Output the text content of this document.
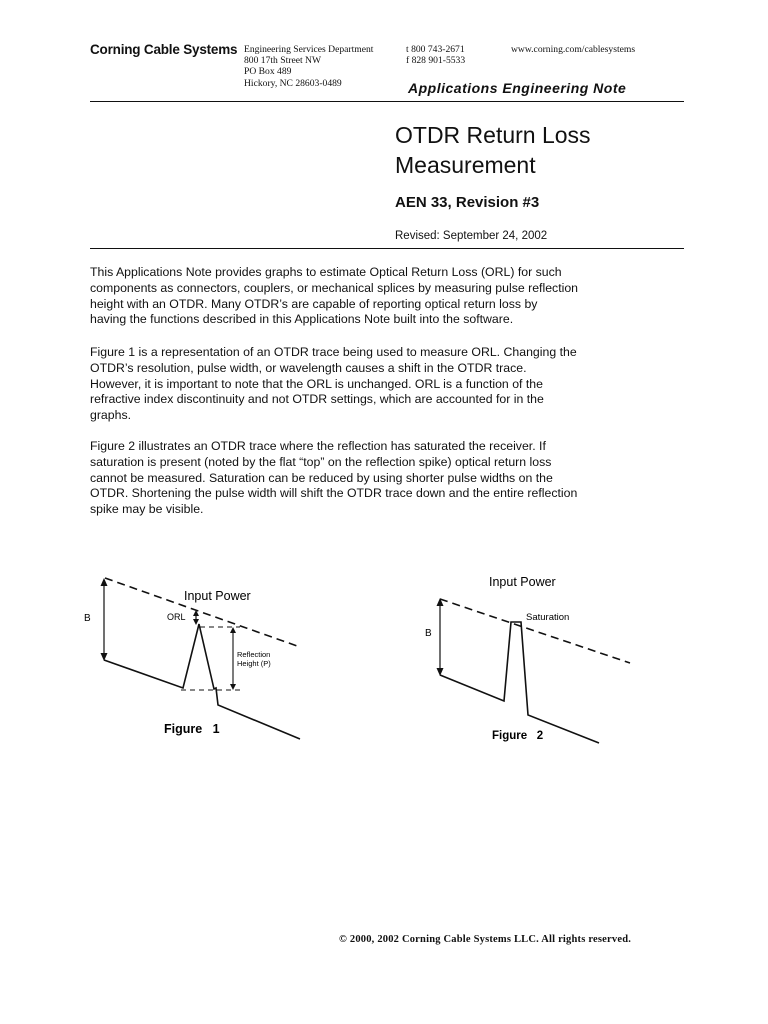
Corning Cable Systems Engineering Services Department
800 17th Street NW
PO Box 489
Hickory, NC 28603-0489
t 800 743-2671
f 828 901-5533
www.corning.com/cablesystems
Applications Engineering Note
OTDR Return Loss
Measurement
AEN 33, Revision #3
Revised: September 24, 2002
This Applications Note provides graphs to estimate Optical Return Loss (ORL) for such
components as connectors, couplers, or mechanical splices by measuring pulse reflection
height with an OTDR. Many OTDR’s are capable of reporting optical return loss by
having the functions described in this Applications Note built into the software.
Figure 1 is a representation of an OTDR trace being used to measure ORL. Changing the
OTDR’s resolution, pulse width, or wavelength causes a shift in the OTDR trace.
However, it is important to note that the ORL is unchanged. ORL is a function of the
refractive index discontinuity and not OTDR settings, which are accounted for in the
graphs.
Figure 2 illustrates an OTDR trace where the reflection has saturated the receiver. If
saturation is present (noted by the flat “top” on the reflection spike) optical return loss
cannot be measured. Saturation can be reduced by using shorter pulse widths on the
OTDR. Shortening the pulse width will shift the OTDR trace down and the entire reflection
spike may be visible.
Input Power
B	ORL
Reflection
Height (P)
Figure   1
Input Power
Saturation
B
Figure   2
© 2000, 2002 Corning Cable Systems LLC. All rights reserved.
